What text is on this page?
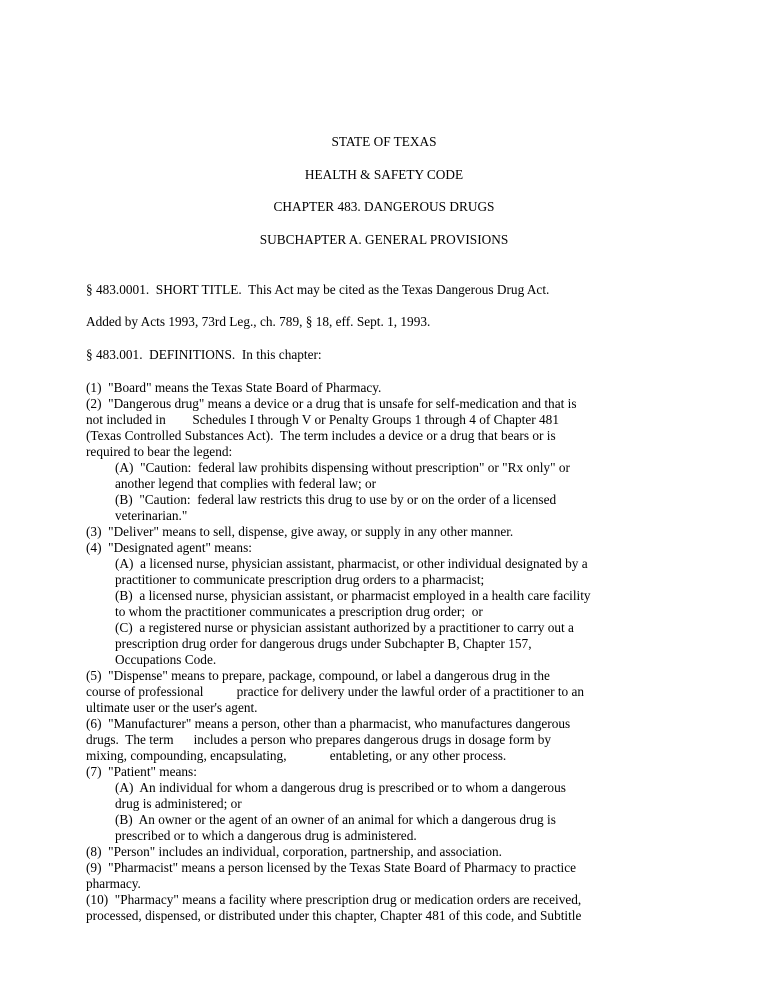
STATE OF TEXAS
HEALTH & SAFETY CODE
CHAPTER 483. DANGEROUS DRUGS
SUBCHAPTER A. GENERAL PROVISIONS
§ 483.0001.  SHORT TITLE.  This Act may be cited as the Texas Dangerous Drug Act.
Added by Acts 1993, 73rd Leg., ch. 789, § 18, eff. Sept. 1, 1993.
§ 483.001.  DEFINITIONS.  In this chapter:
(1)  "Board" means the Texas State Board of Pharmacy.
(2)  "Dangerous drug" means a device or a drug that is unsafe for self-medication and that is
not included in        Schedules I through V or Penalty Groups 1 through 4 of Chapter 481
(Texas Controlled Substances Act).  The term includes a device or a drug that bears or is
required to bear the legend:
(A)  "Caution:  federal law prohibits dispensing without prescription" or "Rx only" or
another legend that complies with federal law; or
(B)  "Caution:  federal law restricts this drug to use by or on the order of a licensed
veterinarian."
(3)  "Deliver" means to sell, dispense, give away, or supply in any other manner.
(4)  "Designated agent" means:
(A)  a licensed nurse, physician assistant, pharmacist, or other individual designated by a
practitioner to communicate prescription drug orders to a pharmacist;
(B)  a licensed nurse, physician assistant, or pharmacist employed in a health care facility
to whom the practitioner communicates a prescription drug order;  or
(C)  a registered nurse or physician assistant authorized by a practitioner to carry out a
prescription drug order for dangerous drugs under Subchapter B, Chapter 157,
Occupations Code.
(5)  "Dispense" means to prepare, package, compound, or label a dangerous drug in the
course of professional          practice for delivery under the lawful order of a practitioner to an
ultimate user or the user's agent.
(6)  "Manufacturer" means a person, other than a pharmacist, who manufactures dangerous
drugs.  The term      includes a person who prepares dangerous drugs in dosage form by
mixing, compounding, encapsulating,             entableting, or any other process.
(7)  "Patient" means:
(A)  An individual for whom a dangerous drug is prescribed or to whom a dangerous
drug is administered; or
(B)  An owner or the agent of an owner of an animal for which a dangerous drug is
prescribed or to which a dangerous drug is administered.
(8)  "Person" includes an individual, corporation, partnership, and association.
(9)  "Pharmacist" means a person licensed by the Texas State Board of Pharmacy to practice
pharmacy.
(10)  "Pharmacy" means a facility where prescription drug or medication orders are received,
processed, dispensed, or distributed under this chapter, Chapter 481 of this code, and Subtitle
